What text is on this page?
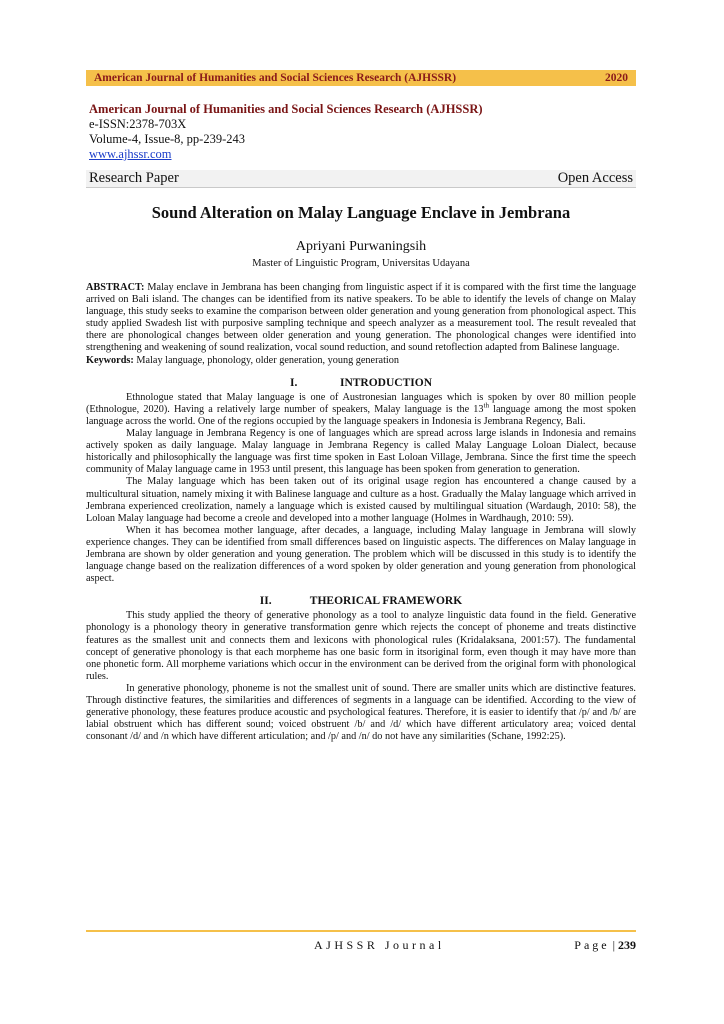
American Journal of Humanities and Social Sciences Research (AJHSSR)	2020
American Journal of Humanities and Social Sciences Research (AJHSSR)
e-ISSN:2378-703X
Volume-4, Issue-8, pp-239-243
www.ajhssr.com
Research Paper	Open Access
Sound Alteration on Malay Language Enclave in Jembrana
Apriyani Purwaningsih
Master of Linguistic Program, Universitas Udayana

ABSTRACT: Malay enclave in Jembrana has been changing from linguistic aspect if it is compared with the first time the language arrived on Bali island. The changes can be identified from its native speakers. To be able to identify the levels of change on Malay language, this study seeks to examine the comparison between older generation and young generation from phonological aspect. This study applied Swadesh list with purposive sampling technique and speech analyzer as a measurement tool. The result revealed that there are phonological changes between older generation and young generation. The phonological changes were identified into strengthening and weakening of sound realization, vocal sound reduction, and sound retoflection adapted from Balinese language.

Keywords: Malay language, phonology, older generation, young generation

I.	INTRODUCTION

Ethnologue stated that Malay language is one of Austronesian languages which is spoken by over 80 million people (Ethnologue, 2020). Having a relatively large number of speakers, Malay language is the 13th language among the most spoken language across the world. One of the regions occupied by the language speakers in Indonesia is Jembrana Regency, Bali.

Malay language in Jembrana Regency is one of languages which are spread across large islands in Indonesia and remains actively spoken as daily language. Malay language in Jembrana Regency is called Malay Language Loloan Dialect, because historically and philosophically the language was first time spoken in East Loloan Village, Jembrana. Since the first time the speech community of Malay language came in 1953 until present, this language has been spoken from generation to generation.

The Malay language which has been taken out of its original usage region has encountered a change caused by a multicultural situation, namely mixing it with Balinese language and culture as a host. Gradually the Malay language which arrived in Jembrana experienced creolization, namely a language which is existed caused by multilingual situation (Wardaugh, 2010: 58), the Loloan Malay language had become a creole and developed into a mother language (Holmes in Wardhaugh, 2010: 59).

When it has becomea mother language, after decades, a language, including Malay language in Jembrana will slowly experience changes. They can be identified from small differences based on linguistic aspects. The differences on Malay language in Jembrana are shown by older generation and young generation. The problem which will be discussed in this study is to identify the language change based on the realization differences of a word spoken by older generation and young generation from phonological aspect.

II.	THEORICAL FRAMEWORK

This study applied the theory of generative phonology as a tool to analyze linguistic data found in the field. Generative phonology is a phonology theory in generative transformation genre which rejects the concept of phoneme and treats distinctive features as the smallest unit and connects them and lexicons with phonological rules (Kridalaksana, 2001:57). The fundamental concept of generative phonology is that each morpheme has one basic form in itsoriginal form, even though it may have more than one phonetic form. All morpheme variations which occur in the environment can be derived from the original form with phonological rules.

In generative phonology, phoneme is not the smallest unit of sound. There are smaller units which are distinctive features. Through distinctive features, the similarities and differences of segments in a language can be identified. According to the view of generative phonology, these features produce acoustic and psychological features. Therefore, it is easier to identify that /p/ and /b/ are labial obstruent which has different sound; voiced obstruent /b/ and /d/ which have different articulatory area; voiced dental consonant /d/ and /n which have different articulation; and /p/ and /n/ do not have any similarities (Schane, 1992:25).

AJHSSR Journal	Page | 239
